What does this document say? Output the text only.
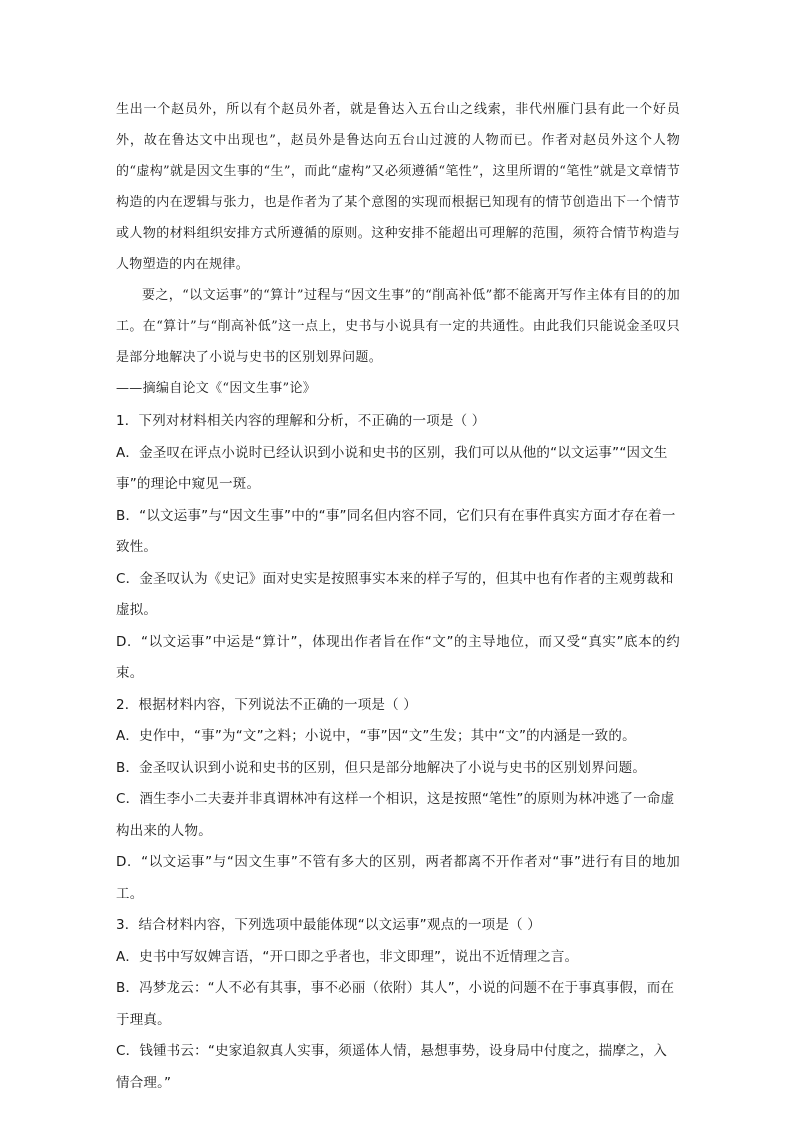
生出一个赵员外，所以有个赵员外者，就是鲁达入五台山之线索，非代州雁门县有此一个好员外，故在鲁达文中出现也”，赵员外是鲁达向五台山过渡的人物而已。作者对赵员外这个人物的“虚构”就是因文生事的“生”，而此“虚构”又必须遵循“笔性”，这里所谓的“笔性”就是文章情节构造的内在逻辑与张力，也是作者为了某个意图的实现而根据已知现有的情节创造出下一个情节或人物的材料组织安排方式所遵循的原则。这种安排不能超出可理解的范围，须符合情节构造与人物塑造的内在规律。

要之，“以文运事”的“算计”过程与“因文生事”的“削高补低”都不能离开写作主体有目的的加工。在“算计”与“削高补低”这一点上，史书与小说具有一定的共通性。由此我们只能说金圣叹只是部分地解决了小说与史书的区别划界问题。

——摘编自论文《“因文生事”论》

1．下列对材料相关内容的理解和分析，不正确的一项是（ ）

A．金圣叹在评点小说时已经认识到小说和史书的区别，我们可以从他的“以文运事”“因文生

事”的理论中窥见一斑。

B．“以文运事”与“因文生事”中的“事”同名但内容不同，它们只有在事件真实方面才存在着一

致性。

C．金圣叹认为《史记》面对史实是按照事实本来的样子写的，但其中也有作者的主观剪裁和

虚拟。

D．“以文运事”中运是“算计”，体现出作者旨在作“文”的主导地位，而又受“真实”底本的约束。

2．根据材料内容，下列说法不正确的一项是（ ）

A．史作中，“事”为“文”之料；小说中，“事”因“文”生发；其中“文”的内涵是一致的。

B．金圣叹认识到小说和史书的区别，但只是部分地解决了小说与史书的区别划界问题。

C．酒生李小二夫妻并非真谓林冲有这样一个相识，这是按照“笔性”的原则为林冲逃了一命虚

构出来的人物。

D．“以文运事”与“因文生事”不管有多大的区别，两者都离不开作者对“事”进行有目的地加工。

3．结合材料内容，下列选项中最能体现“以文运事”观点的一项是（ ）

A．史书中写奴婢言语，“开口即之乎者也，非文即理”，说出不近情理之言。

B．冯梦龙云：“人不必有其事，事不必丽（依附）其人”，小说的问题不在于事真事假，而在

于理真。

C．钱锺书云：“史家追叙真人实事，须遥体人情，悬想事势，设身局中付度之，揣摩之，入

情合理。”
